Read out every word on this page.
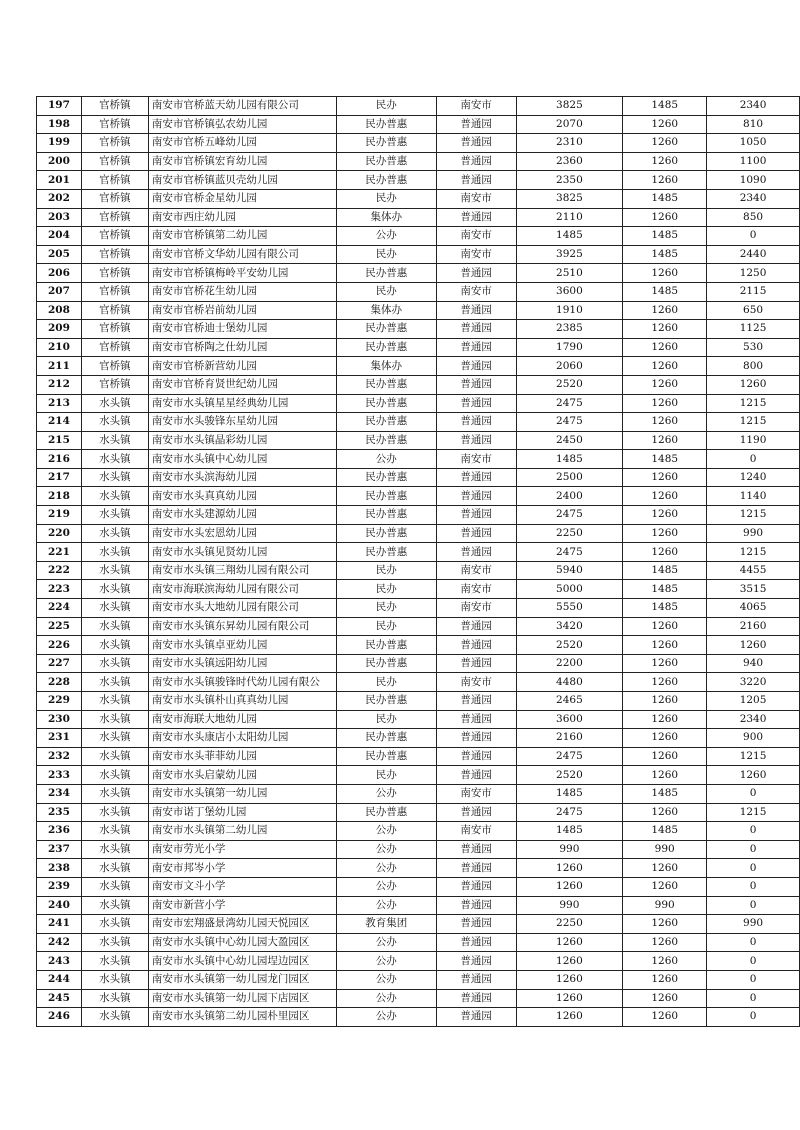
197	官桥镇	南安市官桥蓝天幼儿园有限公司	民办	南安市	3825	1485	2340
198	官桥镇	南安市官桥镇弘农幼儿园	民办普惠	普通园	2070	1260	810
199	官桥镇	南安市官桥五峰幼儿园	民办普惠	普通园	2310	1260	1050
200	官桥镇	南安市官桥镇宏育幼儿园	民办普惠	普通园	2360	1260	1100
201	官桥镇	南安市官桥镇蓝贝壳幼儿园	民办普惠	普通园	2350	1260	1090
202	官桥镇	南安市官桥金星幼儿园	民办	南安市	3825	1485	2340
203	官桥镇	南安市西庄幼儿园	集体办	普通园	2110	1260	850
204	官桥镇	南安市官桥镇第二幼儿园	公办	南安市	1485	1485	0
205	官桥镇	南安市官桥文华幼儿园有限公司	民办	南安市	3925	1485	2440
206	官桥镇	南安市官桥镇梅岭平安幼儿园	民办普惠	普通园	2510	1260	1250
207	官桥镇	南安市官桥花生幼儿园	民办	南安市	3600	1485	2115
208	官桥镇	南安市官桥岩前幼儿园	集体办	普通园	1910	1260	650
209	官桥镇	南安市官桥迪士堡幼儿园	民办普惠	普通园	2385	1260	1125
210	官桥镇	南安市官桥陶之仕幼儿园	民办普惠	普通园	1790	1260	530
211	官桥镇	南安市官桥新营幼儿园	集体办	普通园	2060	1260	800
212	官桥镇	南安市官桥育贤世纪幼儿园	民办普惠	普通园	2520	1260	1260
213	水头镇	南安市水头镇星星经典幼儿园	民办普惠	普通园	2475	1260	1215
214	水头镇	南安市水头骏锋东星幼儿园	民办普惠	普通园	2475	1260	1215
215	水头镇	南安市水头镇晶彩幼儿园	民办普惠	普通园	2450	1260	1190
216	水头镇	南安市水头镇中心幼儿园	公办	南安市	1485	1485	0
217	水头镇	南安市水头滨海幼儿园	民办普惠	普通园	2500	1260	1240
218	水头镇	南安市水头真真幼儿园	民办普惠	普通园	2400	1260	1140
219	水头镇	南安市水头建源幼儿园	民办普惠	普通园	2475	1260	1215
220	水头镇	南安市水头宏恩幼儿园	民办普惠	普通园	2250	1260	990
221	水头镇	南安市水头镇见贤幼儿园	民办普惠	普通园	2475	1260	1215
222	水头镇	南安市水头镇三翔幼儿园有限公司	民办	南安市	5940	1485	4455
223	水头镇	南安市海联滨海幼儿园有限公司	民办	南安市	5000	1485	3515
224	水头镇	南安市水头大地幼儿园有限公司	民办	南安市	5550	1485	4065
225	水头镇	南安市水头镇东昇幼儿园有限公司	民办	普通园	3420	1260	2160
226	水头镇	南安市水头镇卓亚幼儿园	民办普惠	普通园	2520	1260	1260
227	水头镇	南安市水头镇远阳幼儿园	民办普惠	普通园	2200	1260	940
228	水头镇	南安市水头镇骏锋时代幼儿园有限公	民办	南安市	4480	1260	3220
229	水头镇	南安市水头镇朴山真真幼儿园	民办普惠	普通园	2465	1260	1205
230	水头镇	南安市海联大地幼儿园	民办	普通园	3600	1260	2340
231	水头镇	南安市水头康店小太阳幼儿园	民办普惠	普通园	2160	1260	900
232	水头镇	南安市水头菲菲幼儿园	民办普惠	普通园	2475	1260	1215
233	水头镇	南安市水头启蒙幼儿园	民办	普通园	2520	1260	1260
234	水头镇	南安市水头镇第一幼儿园	公办	南安市	1485	1485	0
235	水头镇	南安市诺丁堡幼儿园	民办普惠	普通园	2475	1260	1215
236	水头镇	南安市水头镇第二幼儿园	公办	南安市	1485	1485	0
237	水头镇	南安市劳光小学	公办	普通园	990	990	0
238	水头镇	南安市邦岑小学	公办	普通园	1260	1260	0
239	水头镇	南安市文斗小学	公办	普通园	1260	1260	0
240	水头镇	南安市新营小学	公办	普通园	990	990	0
241	水头镇	南安市宏翔盛景湾幼儿园天悦园区	教育集团	普通园	2250	1260	990
242	水头镇	南安市水头镇中心幼儿园大盈园区	公办	普通园	1260	1260	0
243	水头镇	南安市水头镇中心幼儿园埕边园区	公办	普通园	1260	1260	0
244	水头镇	南安市水头镇第一幼儿园龙门园区	公办	普通园	1260	1260	0
245	水头镇	南安市水头镇第一幼儿园下店园区	公办	普通园	1260	1260	0
246	水头镇	南安市水头镇第二幼儿园朴里园区	公办	普通园	1260	1260	0
